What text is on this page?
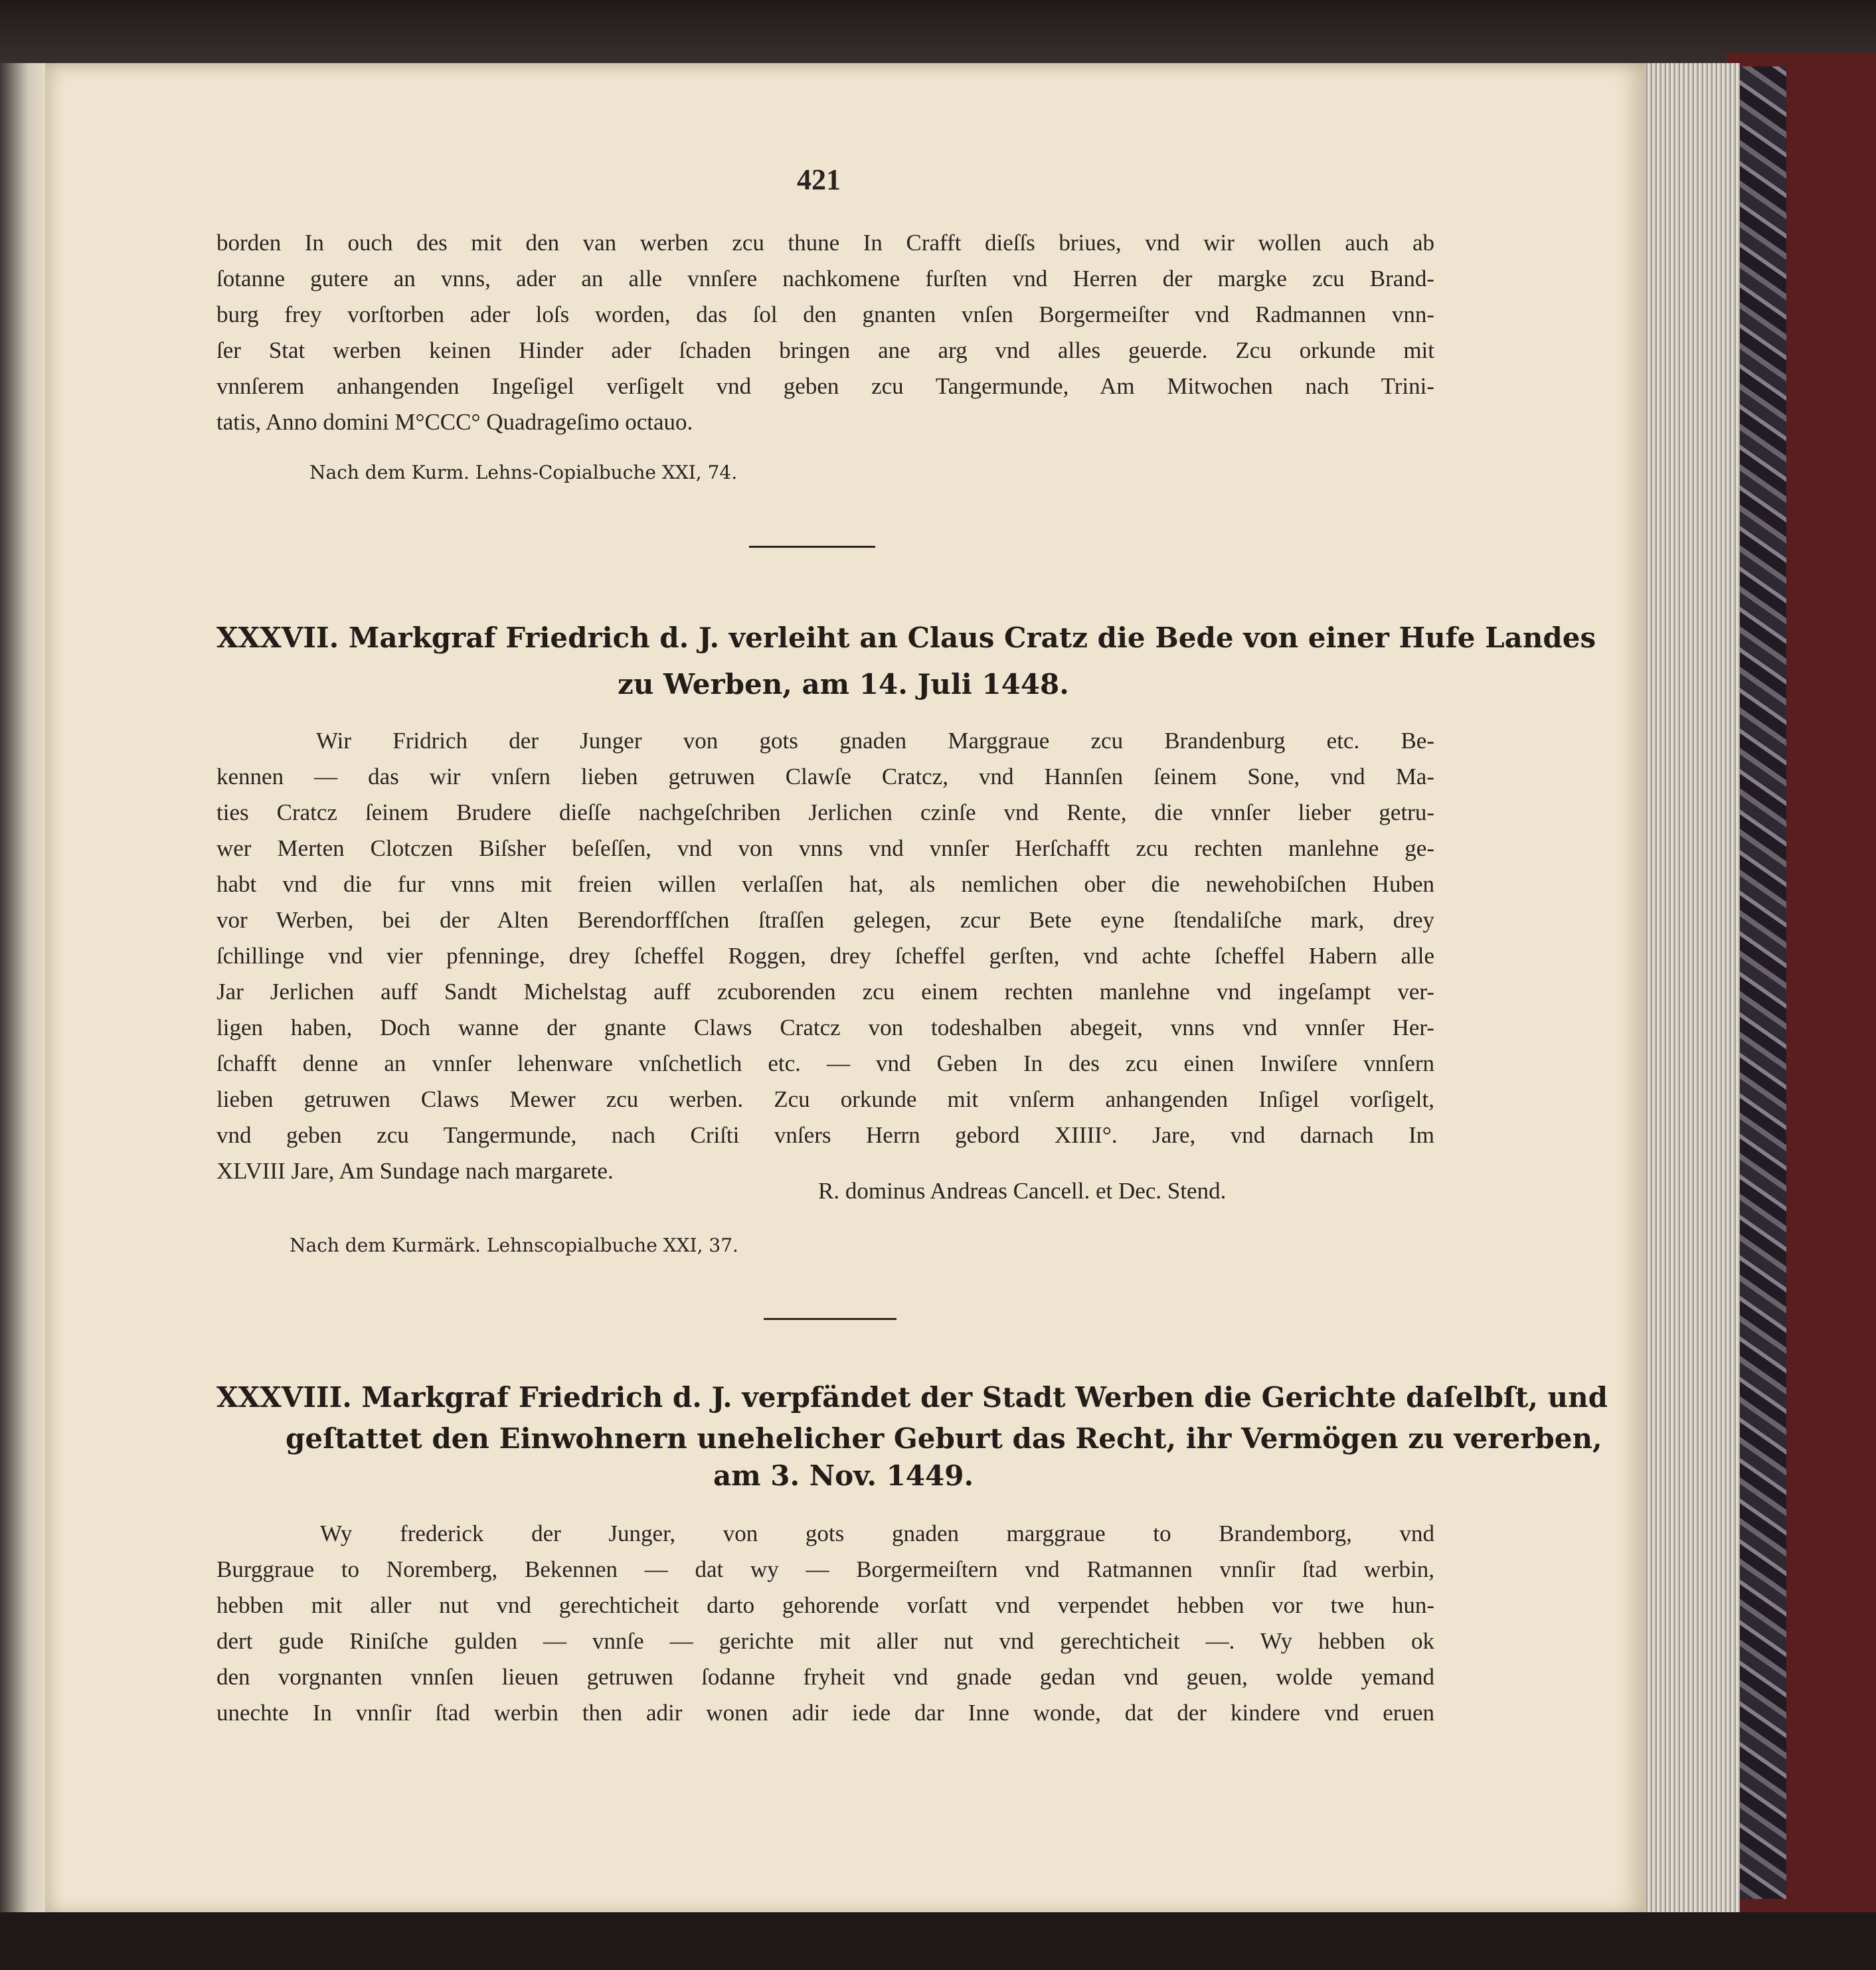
421
borden In ouch des mit den van werben zcu thune In Crafft dieſſs briues, vnd wir wollen auch ab
ſotanne gutere an vnns, ader an alle vnnſere nachkomene furſten vnd Herren der margke zcu Brand-
burg frey vorſtorben ader loſs worden, das ſol den gnanten vnſen Borgermeiſter vnd Radmannen vnn-
ſer Stat werben keinen Hinder ader ſchaden bringen ane arg vnd alles geuerde. Zcu orkunde mit
vnnſerem anhangenden Ingeſigel verſigelt vnd geben zcu Tangermunde, Am Mitwochen nach Trini-
tatis, Anno domini M°CCC° Quadrageſimo octauo.
Nach dem Kurm. Lehns-Copialbuche XXI, 74.
XXXVII. Markgraf Friedrich d. J. verleiht an Claus Cratz die Bede von einer Hufe Landes
zu Werben, am 14. Juli 1448.
Wir Fridrich der Junger von gots gnaden Marggraue zcu Brandenburg etc. Be-
kennen — das wir vnſern lieben getruwen Clawſe Cratcz, vnd Hannſen ſeinem Sone, vnd Ma-
ties Cratcz ſeinem Brudere dieſſe nachgeſchriben Jerlichen czinſe vnd Rente, die vnnſer lieber getru-
wer Merten Clotczen Biſsher beſeſſen, vnd von vnns vnd vnnſer Herſchafft zcu rechten manlehne ge-
habt vnd die fur vnns mit freien willen verlaſſen hat, als nemlichen ober die newehobiſchen Huben
vor Werben, bei der Alten Berendorffſchen ſtraſſen gelegen, zcur Bete eyne ſtendaliſche mark, drey
ſchillinge vnd vier pfenninge, drey ſcheffel Roggen, drey ſcheffel gerſten, vnd achte ſcheffel Habern alle
Jar Jerlichen auff Sandt Michelstag auff zcuborenden zcu einem rechten manlehne vnd ingeſampt ver-
ligen haben, Doch wanne der gnante Claws Cratcz von todeshalben abegeit, vnns vnd vnnſer Her-
ſchafft denne an vnnſer lehenware vnſchetlich etc. — vnd Geben In des zcu einen Inwiſere vnnſern
lieben getruwen Claws Mewer zcu werben. Zcu orkunde mit vnſerm anhangenden Inſigel vorſigelt,
vnd geben zcu Tangermunde, nach Criſti vnſers Herrn gebord XIIII°. Jare, vnd darnach Im
XLVIII Jare, Am Sundage nach margarete.
R. dominus Andreas Cancell. et Dec. Stend.
Nach dem Kurmärk. Lehnscopialbuche XXI, 37.
XXXVIII. Markgraf Friedrich d. J. verpfändet der Stadt Werben die Gerichte daſelbſt, und
geſtattet den Einwohnern unehelicher Geburt das Recht, ihr Vermögen zu vererben,
am 3. Nov. 1449.
Wy frederick der Junger, von gots gnaden marggraue to Brandemborg, vnd
Burggraue to Noremberg, Bekennen — dat wy — Borgermeiſtern vnd Ratmannen vnnſir ſtad werbin,
hebben mit aller nut vnd gerechticheit darto gehorende vorſatt vnd verpendet hebben vor twe hun-
dert gude Riniſche gulden — vnnſe — gerichte mit aller nut vnd gerechticheit —. Wy hebben ok
den vorgnanten vnnſen lieuen getruwen ſodanne fryheit vnd gnade gedan vnd geuen, wolde yemand
unechte In vnnſir ſtad werbin then adir wonen adir iede dar Inne wonde, dat der kindere vnd eruen
